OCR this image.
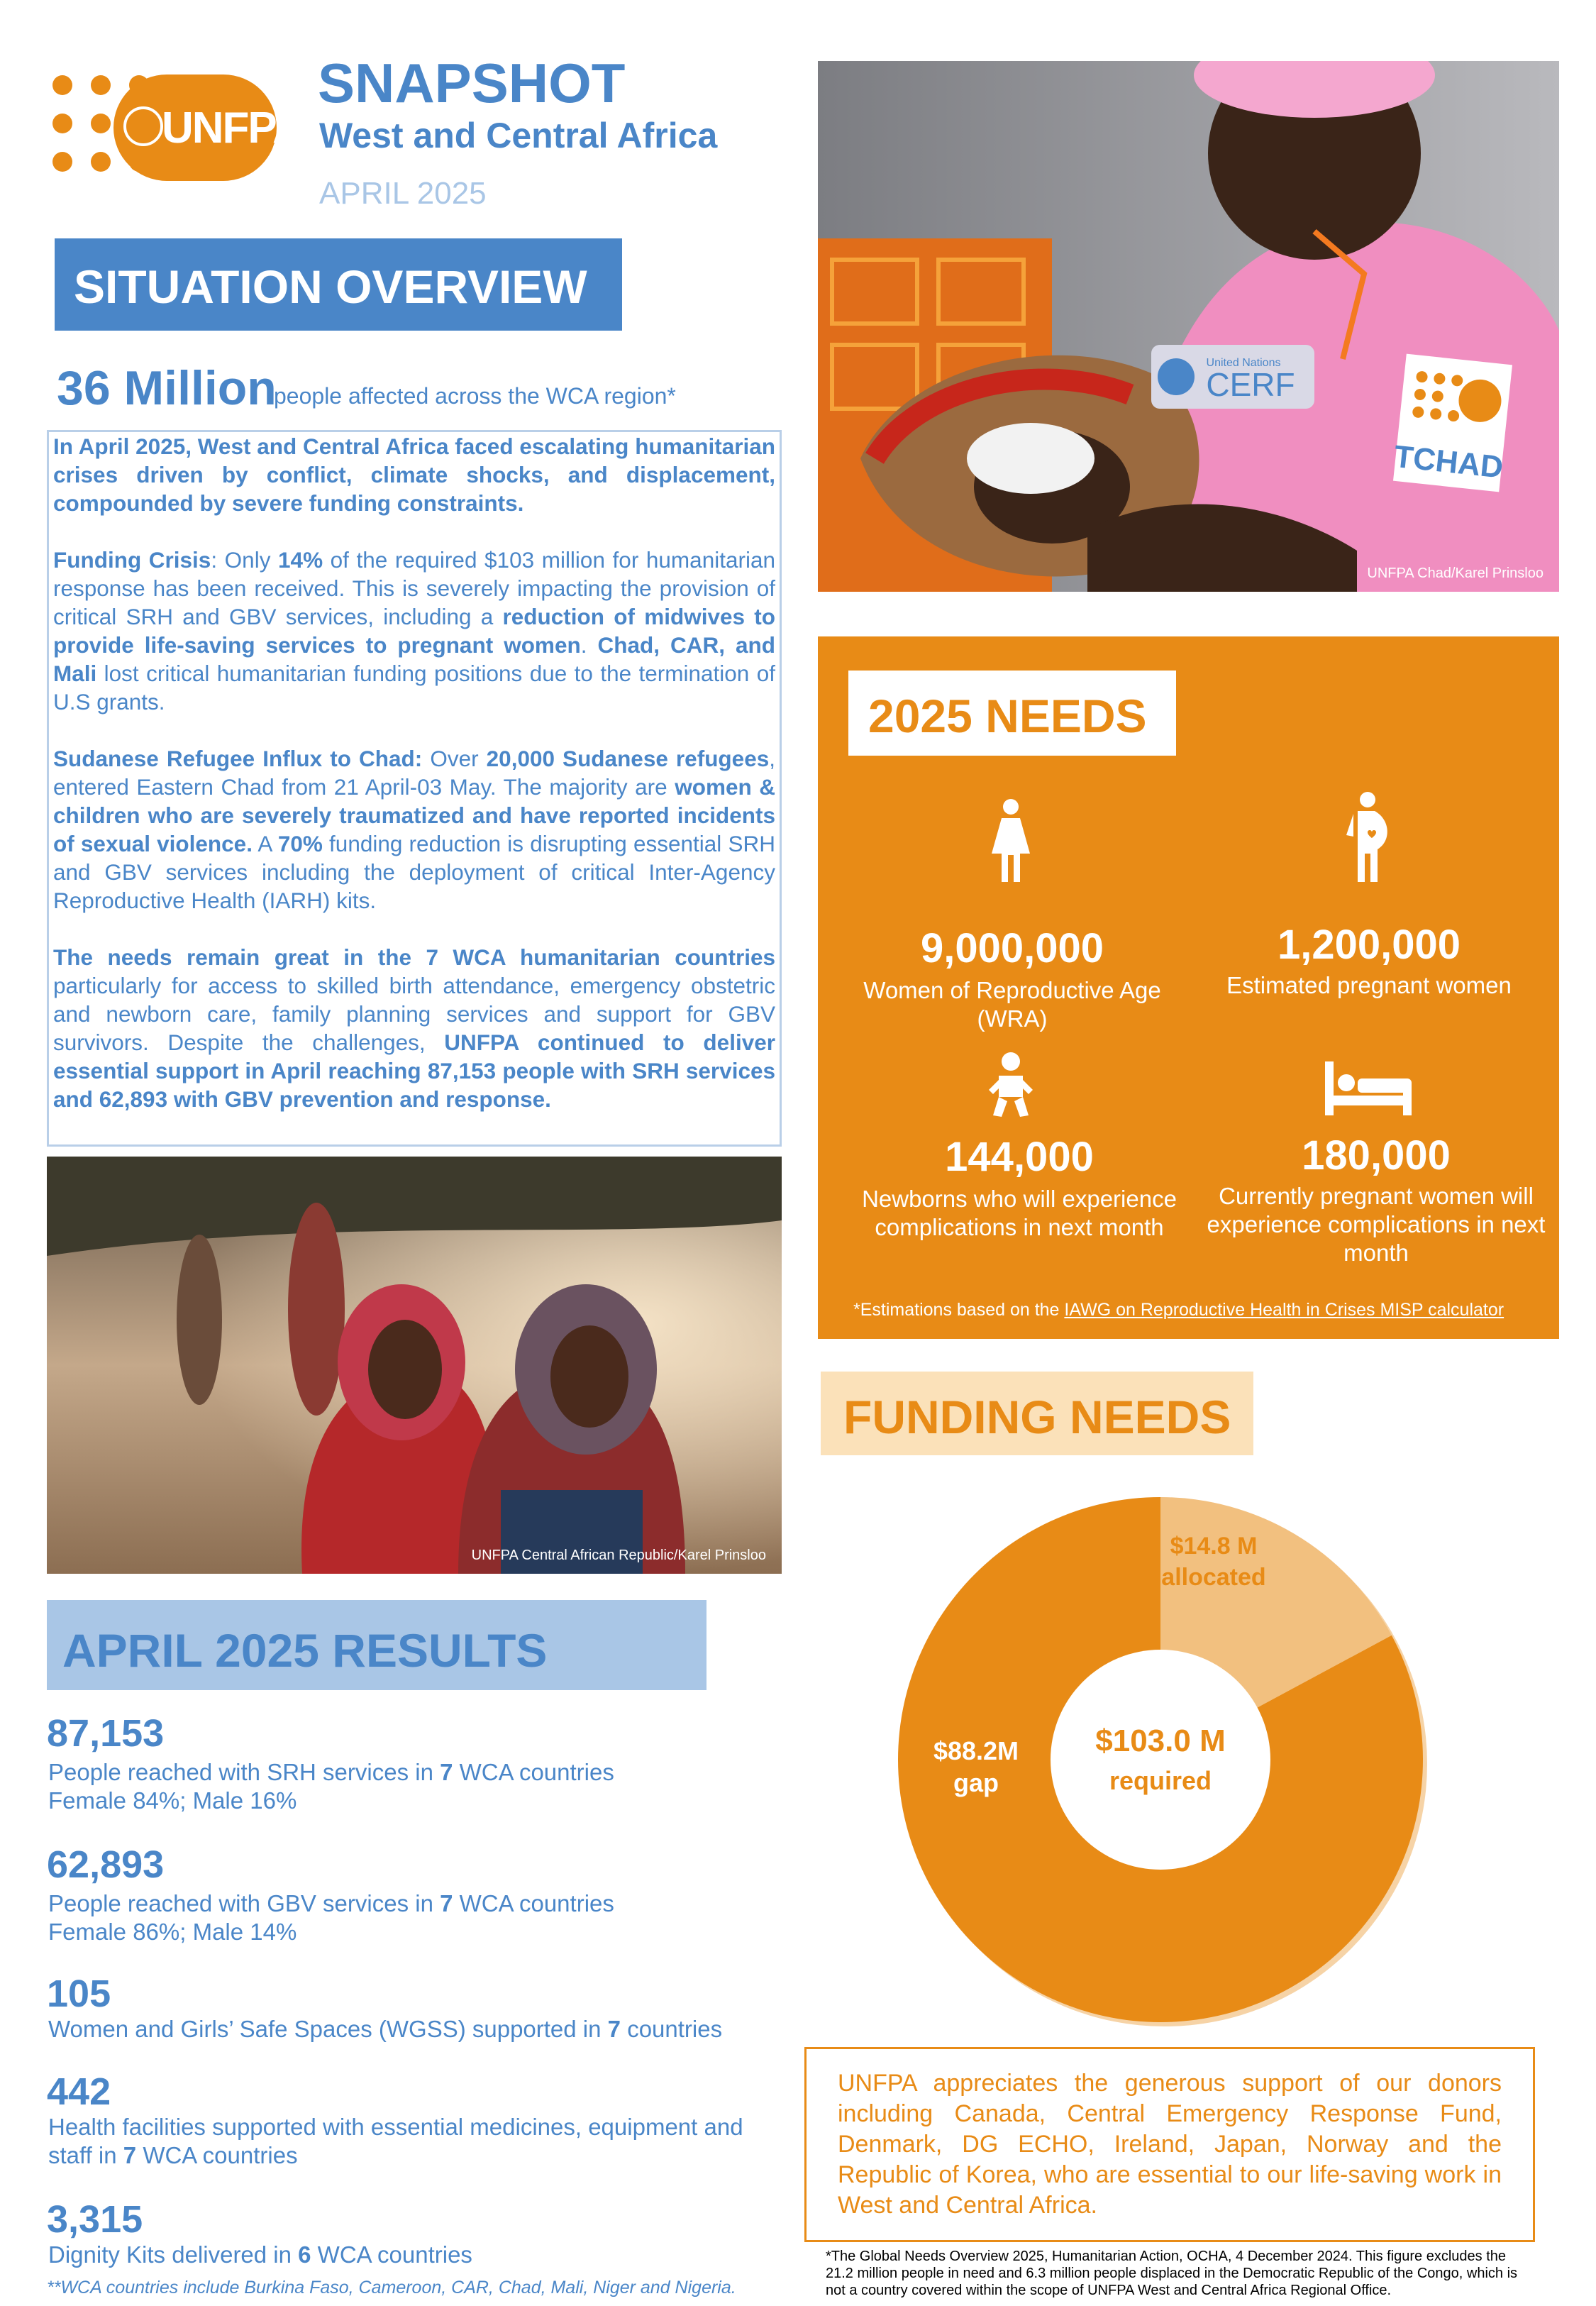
UNFPA
SNAPSHOT
West and Central Africa
APRIL 2025
SITUATION OVERVIEW
36 Million
people affected across the WCA region*

In April 2025, West and Central Africa faced escalating humanitarian crises driven by conflict, climate shocks, and displacement, compounded by severe funding constraints.

Funding Crisis: Only 14% of the required $103 million for humanitarian response has been received. This is severely impacting the provision of critical SRH and GBV services, including a reduction of midwives to provide life-saving services to pregnant women. Chad, CAR, and Mali lost critical humanitarian funding positions due to the termination of U.S grants.

Sudanese Refugee Influx to Chad: Over 20,000 Sudanese refugees, entered Eastern Chad from 21 April-03 May. The majority are women & children who are severely traumatized and have reported incidents of sexual violence. A 70% funding reduction is disrupting essential SRH and GBV services including the deployment of critical Inter-Agency Reproductive Health (IARH) kits.

The needs remain great in the 7 WCA humanitarian countries particularly for access to skilled birth attendance, emergency obstetric and newborn care, family planning services and support for GBV survivors. Despite the challenges, UNFPA continued to deliver essential support in April reaching 87,153 people with SRH services and 62,893 with GBV prevention and response.

United Nations
CERF
TCHAD
UNFPA Chad/Karel Prinsloo
UNFPA Central African Republic/Karel Prinsloo
2025 NEEDS
9,000,000
Women of Reproductive Age (WRA)
1,200,000
Estimated pregnant women
144,000
Newborns who will experience complications in next month
180,000
Currently pregnant women will experience complications in next month
*Estimations based on the IAWG on Reproductive Health in Crises MISP calculator
FUNDING NEEDS
$103.0 M
required
$14.8 M
allocated
$88.2M
gap
UNFPA appreciates the generous support of our donors including Canada, Central Emergency Response Fund, Denmark, DG ECHO, Ireland, Japan, Norway and the Republic of Korea, who are essential to our life-saving work in West and Central Africa.
*The Global Needs Overview 2025, Humanitarian Action, OCHA, 4 December 2024. This figure excludes the 21.2 million people in need and 6.3 million people displaced in the Democratic Republic of the Congo, which is not a country covered within the scope of UNFPA West and Central Africa Regional Office.
APRIL 2025 RESULTS
87,153
People reached with SRH services in 7 WCA countries
Female 84%; Male 16%
62,893
People reached with GBV services in 7 WCA countries
Female 86%; Male 14%
105
Women and Girls’ Safe Spaces (WGSS) supported in 7 countries
442
Health facilities supported with essential medicines, equipment and staff in 7 WCA countries
3,315
Dignity Kits delivered in 6 WCA countries
**WCA countries include Burkina Faso, Cameroon, CAR, Chad, Mali, Niger and Nigeria.
